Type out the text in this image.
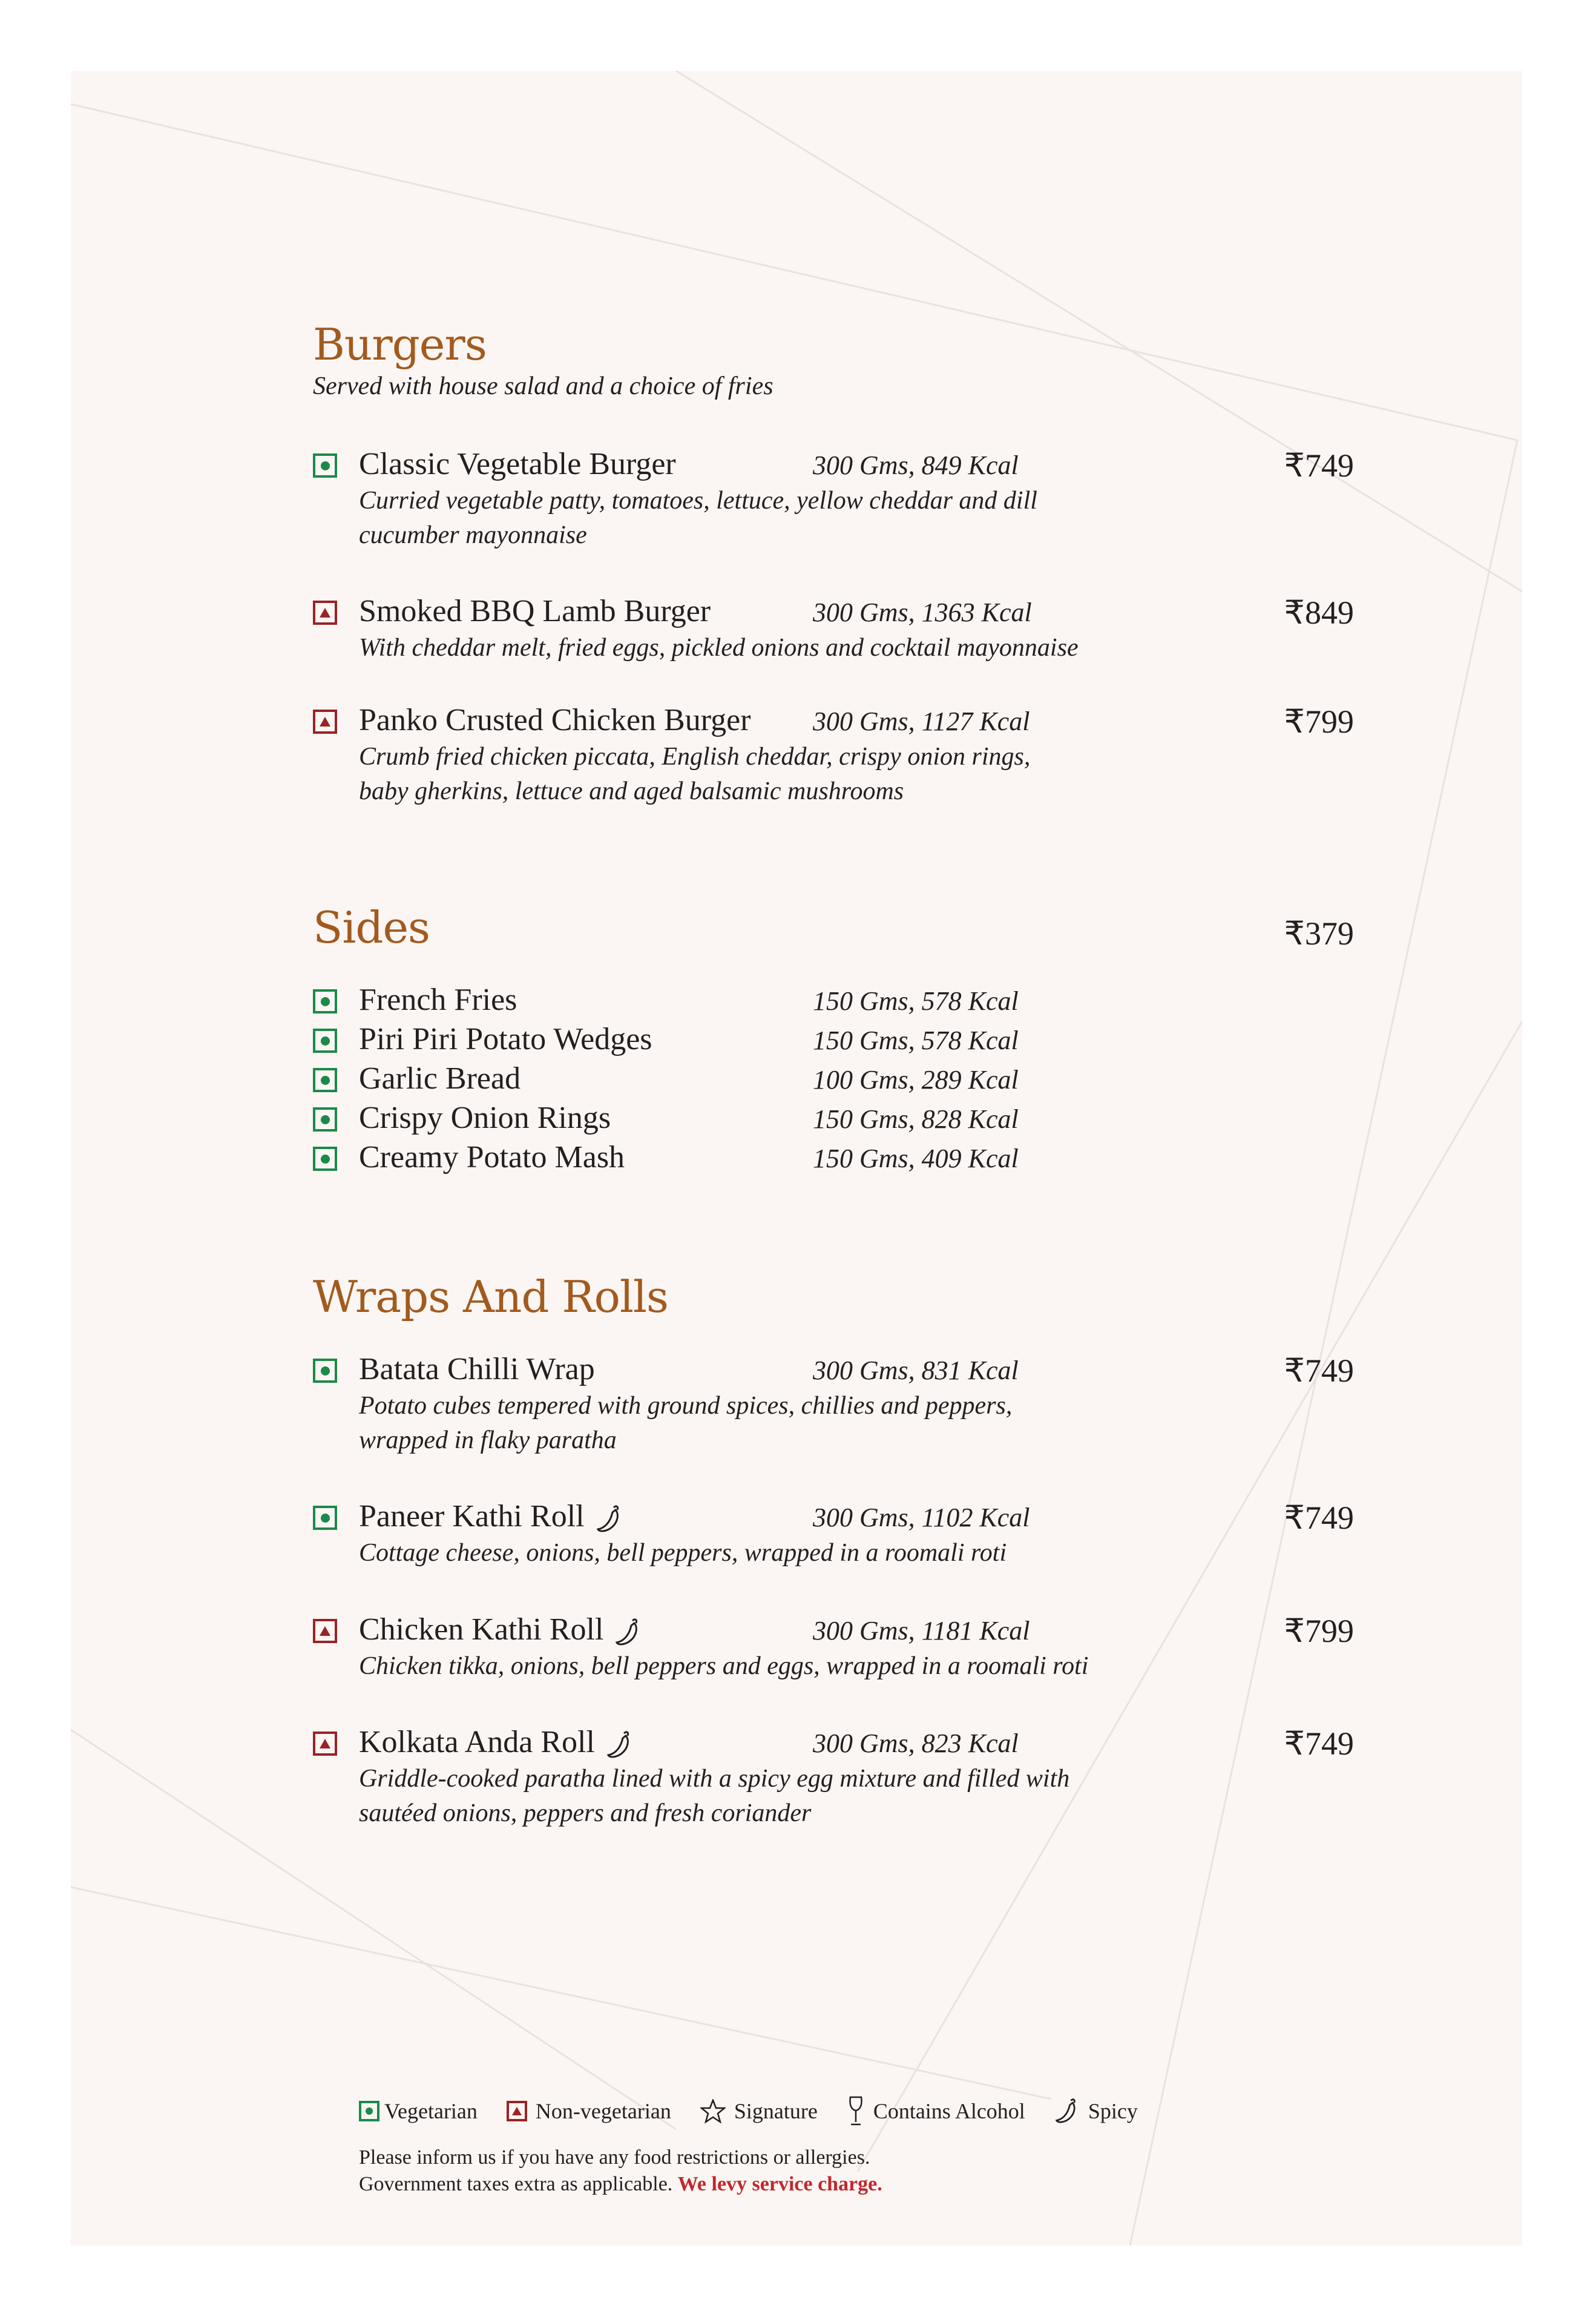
Burgers
Served with house salad and a choice of fries
Classic Vegetable Burger	300 Gms, 849 Kcal	₹749
Curried vegetable patty, tomatoes, lettuce, yellow cheddar and dill cucumber mayonnaise
Smoked BBQ Lamb Burger	300 Gms, 1363 Kcal	₹849
With cheddar melt, fried eggs, pickled onions and cocktail mayonnaise
Panko Crusted Chicken Burger 300 Gms, 1127 Kcal	₹799
Crumb fried chicken piccata, English cheddar, crispy onion rings, baby gherkins, lettuce and aged balsamic mushrooms
Sides	₹379
French Fries	150 Gms, 578 Kcal
Piri Piri Potato Wedges	150 Gms, 578 Kcal
Garlic Bread	100 Gms, 289 Kcal
Crispy Onion Rings	150 Gms, 828 Kcal
Creamy Potato Mash	150 Gms, 409 Kcal
Wraps And Rolls
Batata Chilli Wrap	300 Gms, 831 Kcal	₹749
Potato cubes tempered with ground spices, chillies and peppers, wrapped in flaky paratha
Paneer Kathi Roll	300 Gms, 1102 Kcal	₹749
Cottage cheese, onions, bell peppers, wrapped in a roomali roti
Chicken Kathi Roll	300 Gms, 1181 Kcal	₹799
Chicken tikka, onions, bell peppers and eggs, wrapped in a roomali roti
Kolkata Anda Roll	300 Gms, 823 Kcal	₹749
Griddle-cooked paratha lined with a spicy egg mixture and filled with sautéed onions, peppers and fresh coriander
Vegetarian	Non-vegetarian	Signature	Contains Alcohol	Spicy
Please inform us if you have any food restrictions or allergies.
Government taxes extra as applicable. We levy service charge.
